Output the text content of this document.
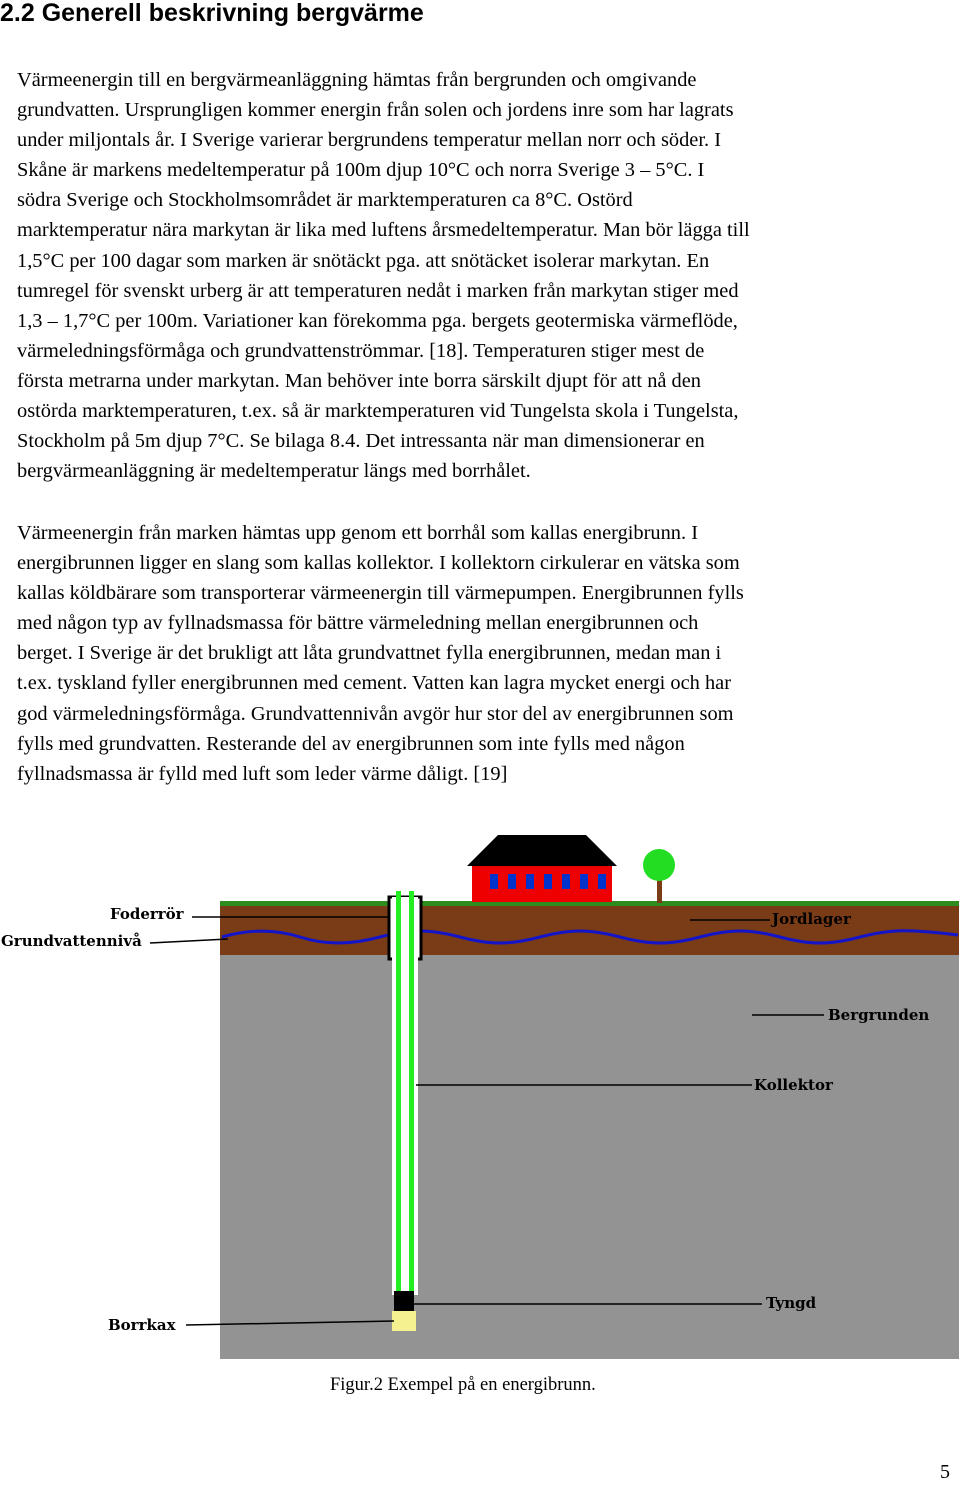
2.2 Generell beskrivning bergvärme
Värmeenergin till en bergvärmeanläggning hämtas från bergrunden och omgivande
grundvatten. Ursprungligen kommer energin från solen och jordens inre som har lagrats
under miljontals år. I Sverige varierar bergrundens temperatur mellan norr och söder. I
Skåne är markens medeltemperatur på 100m djup 10°C och norra Sverige 3 – 5°C. I
södra Sverige och Stockholmsområdet är marktemperaturen ca 8°C. Ostörd
marktemperatur nära markytan är lika med luftens årsmedeltemperatur. Man bör lägga till
1,5°C per 100 dagar som marken är snötäckt pga. att snötäcket isolerar markytan. En
tumregel för svenskt urberg är att temperaturen nedåt i marken från markytan stiger med
1,3 – 1,7°C per 100m. Variationer kan förekomma pga. bergets geotermiska värmeflöde,
värmeledningsförmåga och grundvattenströmmar. [18]. Temperaturen stiger mest de
första metrarna under markytan. Man behöver inte borra särskilt djupt för att nå den
ostörda marktemperaturen, t.ex. så är marktemperaturen vid Tungelsta skola i Tungelsta,
Stockholm på 5m djup 7°C. Se bilaga 8.4. Det intressanta när man dimensionerar en
bergvärmeanläggning är medeltemperatur längs med borrhålet.
Värmeenergin från marken hämtas upp genom ett borrhål som kallas energibrunn. I
energibrunnen ligger en slang som kallas kollektor. I kollektorn cirkulerar en vätska som
kallas köldbärare som transporterar värmeenergin till värmepumpen. Energibrunnen fylls
med någon typ av fyllnadsmassa för bättre värmeledning mellan energibrunnen och
berget. I Sverige är det brukligt att låta grundvattnet fylla energibrunnen, medan man i
t.ex. tyskland fyller energibrunnen med cement. Vatten kan lagra mycket energi och har
god värmeledningsförmåga. Grundvattennivån avgör hur stor del av energibrunnen som
fylls med grundvatten. Resterande del av energibrunnen som inte fylls med någon
fyllnadsmassa är fylld med luft som leder värme dåligt. [19]
Foderrör
Grundvattennivå
Jordlager
Bergrunden
Kollektor
Tyngd
Borrkax

Figur.2 Exempel på en energibrunn.

5
